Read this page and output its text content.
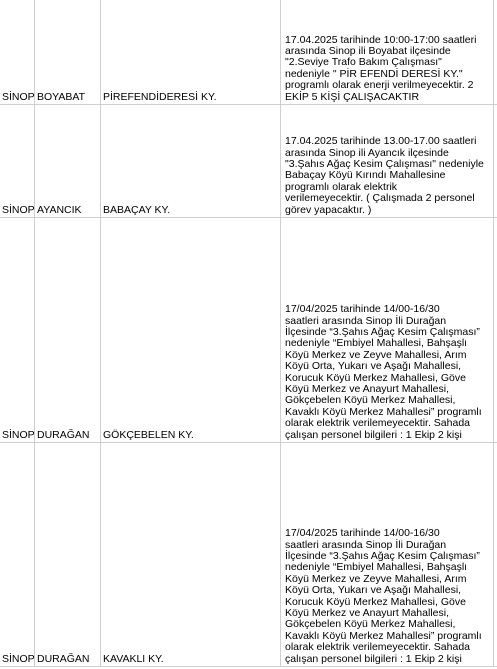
SİNOP BOYABAT PİREFENDİDERESİ KY.
17.04.2025 tarihinde 10:00-17:00 saatleri
arasında Sinop ili Boyabat ilçesinde
"2.Seviye Trafo Bakım Çalışması"
nedeniyle " PİR EFENDİ DERESİ KY."
programlı olarak enerji verilmeyecektir. 2
EKİP 5 KİŞİ ÇALIŞACAKTIR
SİNOP AYANCIK BABAÇAY KY.
17.04.2025 tarihinde 13.00-17.00 saatleri
arasında Sinop ili Ayancık ilçesinde
"3.Şahıs Ağaç Kesim Çalışması" nedeniyle
Babaçay Köyü Kırındı Mahallesine
programlı olarak elektrik
verilemeyecektir. ( Çalışmada 2 personel
görev yapacaktır. )
SİNOP DURAĞAN GÖKÇEBELEN KY.
17/04/2025 tarihinde 14/00-16/30
saatleri arasında Sinop İli Durağan
İlçesinde “3.Şahıs Ağaç Kesim Çalışması”
nedeniyle “Embiyel Mahallesi, Bahşaşlı
Köyü Merkez ve Zeyve Mahallesi, Arım
Köyü Orta, Yukarı ve Aşağı Mahallesi,
Korucuk Köyü Merkez Mahallesi, Göve
Köyü Merkez ve Anayurt Mahallesi,
Gökçebelen Köyü Merkez Mahallesi,
Kavaklı Köyü Merkez Mahallesi” programlı
olarak elektrik verilemeyecektir. Sahada
çalışan personel bilgileri : 1 Ekip 2 kişi
SİNOP DURAĞAN KAVAKLI KY.
17/04/2025 tarihinde 14/00-16/30
saatleri arasında Sinop İli Durağan
İlçesinde “3.Şahıs Ağaç Kesim Çalışması”
nedeniyle “Embiyel Mahallesi, Bahşaşlı
Köyü Merkez ve Zeyve Mahallesi, Arım
Köyü Orta, Yukarı ve Aşağı Mahallesi,
Korucuk Köyü Merkez Mahallesi, Göve
Köyü Merkez ve Anayurt Mahallesi,
Gökçebelen Köyü Merkez Mahallesi,
Kavaklı Köyü Merkez Mahallesi” programlı
olarak elektrik verilemeyecektir. Sahada
çalışan personel bilgileri : 1 Ekip 2 kişi
